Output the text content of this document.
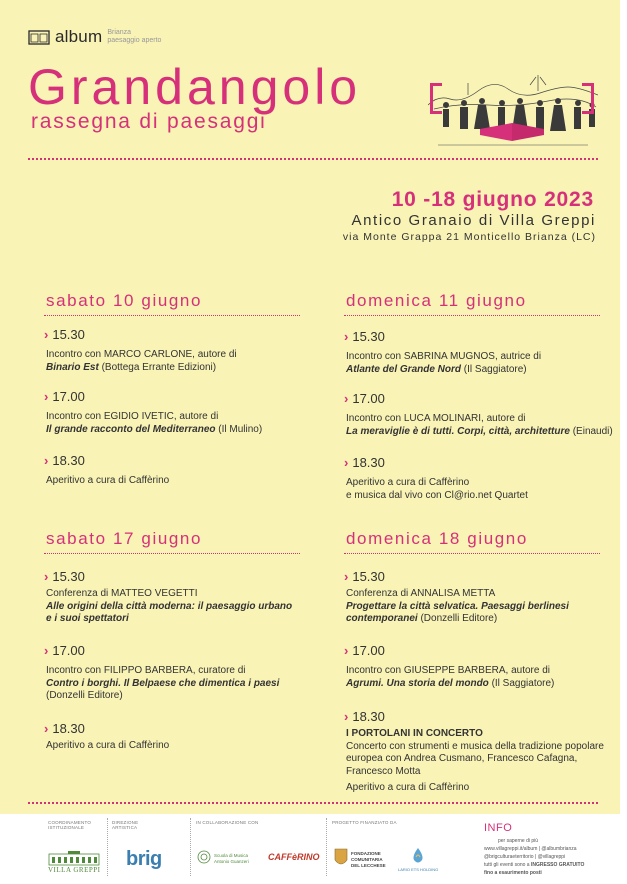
album Brianza
paesaggio aperto
Grandangolo
rassegna di paesaggi
10 -18 giugno 2023
Antico Granaio di Villa Greppi
via Monte Grappa 21 Monticello Brianza (LC)
sabato 10 giugno
› 15.30
Incontro con MARCO CARLONE, autore di
Binario Est (Bottega Errante Edizioni)
› 17.00
Incontro con EGIDIO IVETIC, autore di
Il grande racconto del Mediterraneo (Il Mulino)
› 18.30
Aperitivo a cura di Caffèrino
domenica 11 giugno
› 15.30
Incontro con SABRINA MUGNOS, autrice di
Atlante del Grande Nord (Il Saggiatore)
› 17.00
Incontro con LUCA MOLINARI, autore di
La meraviglie è di tutti. Corpi, città, architetture (Einaudi)
› 18.30
Aperitivo a cura di Caffèrino
e musica dal vivo con Cl@rio.net Quartet
sabato 17 giugno
› 15.30
Conferenza di MATTEO VEGETTI
Alle origini della città moderna: il paesaggio urbano
e i suoi spettatori
› 17.00
Incontro con FILIPPO BARBERA, curatore di
Contro i borghi. Il Belpaese che dimentica i paesi
(Donzelli Editore)
› 18.30
Aperitivo a cura di Caffèrino
domenica 18 giugno
› 15.30
Conferenza di ANNALISA METTA
Progettare la città selvatica. Paesaggi berlinesi
contemporanei (Donzelli Editore)
› 17.00
Incontro con GIUSEPPE BARBERA, autore di
Agrumi. Una storia del mondo (Il Saggiatore)
› 18.30
I PORTOLANI IN CONCERTO
Concerto con strumenti e musica della tradizione popolare
europea con Andrea Cusmano, Francesco Cafagna,
Francesco Motta
Aperitivo a cura di Caffèrino
COORDINAMENTO
ISTITUZIONALE
VILLA GREPPI
DIREZIONE
ARTISTICA
brig
IN COLLABORAZIONE CON
Scuola di Musica
Antonio Guanzeri CAFFèRINO
PROGETTO FINANZIATO DA
FONDAZIONE
COMUNITARIA
DEL LECCHESE
LARIO ETS HOLDING
INFO
per saperne di più
www.villagreppi.it/album | @albumbrianza
@brigculturaeterritorio | @villagreppi
tutti gli eventi sono a INGRESSO GRATUITO
fino a esaurimento posti
